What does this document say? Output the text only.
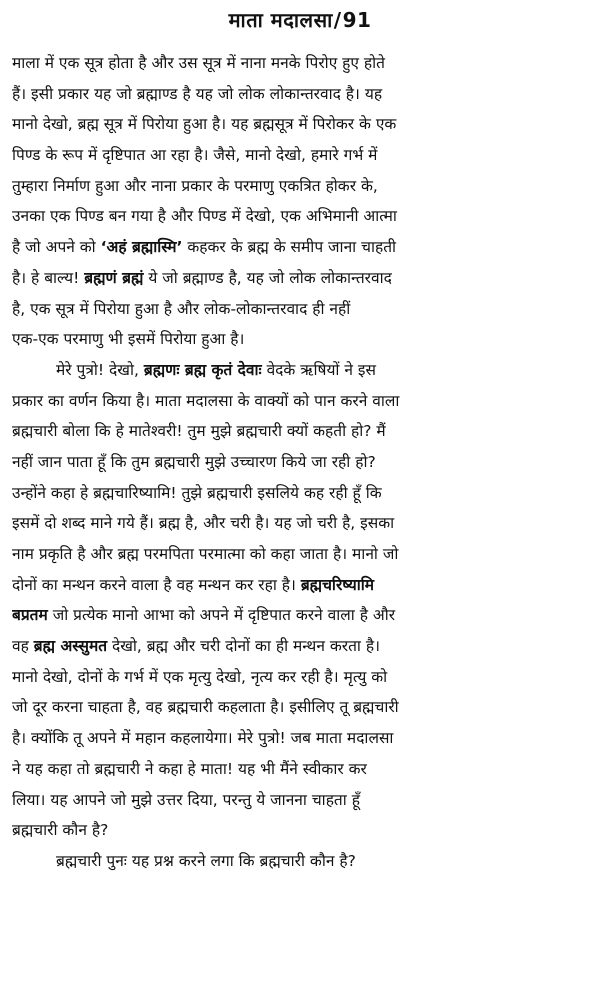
माता मदालसा/91
माला में एक सूत्र होता है और उस सूत्र में नाना मनके पिरोए हुए होते
हैं। इसी प्रकार यह जो ब्रह्माण्ड है यह जो लोक लोकान्तरवाद है। यह
मानो देखो, ब्रह्म सूत्र में पिरोया हुआ है। यह ब्रह्मसूत्र में पिरोकर के एक
पिण्ड के रूप में दृष्टिपात आ रहा है। जैसे, मानो देखो, हमारे गर्भ में
तुम्हारा निर्माण हुआ और नाना प्रकार के परमाणु एकत्रित होकर के,
उनका एक पिण्ड बन गया है और पिण्ड में देखो, एक अभिमानी आत्मा
है जो अपने को ‘अहं ब्रह्मास्मि’ कहकर के ब्रह्म के समीप जाना चाहती
है। हे बाल्य! ब्रह्मणं ब्रह्मं ये जो ब्रह्माण्ड है, यह जो लोक लोकान्तरवाद
है, एक सूत्र में पिरोया हुआ है और लोक-लोकान्तरवाद ही नहीं
एक-एक परमाणु भी इसमें पिरोया हुआ है।
मेरे पुत्रो! देखो, ब्रह्मणः ब्रह्म कृतं देवाः वेदके ऋषियों ने इस
प्रकार का वर्णन किया है। माता मदालसा के वाक्यों को पान करने वाला
ब्रह्मचारी बोला कि हे मातेश्वरी! तुम मुझे ब्रह्मचारी क्यों कहती हो? मैं
नहीं जान पाता हूँ कि तुम ब्रह्मचारी मुझे उच्चारण किये जा रही हो?
उन्होंने कहा हे ब्रह्मचारिष्यामि! तुझे ब्रह्मचारी इसलिये कह रही हूँ कि
इसमें दो शब्द माने गये हैं। ब्रह्म है, और चरी है। यह जो चरी है, इसका
नाम प्रकृति है और ब्रह्म परमपिता परमात्मा को कहा जाता है। मानो जो
दोनों का मन्थन करने वाला है वह मन्थन कर रहा है। ब्रह्मचरिष्यामि
बप्रतम जो प्रत्येक मानो आभा को अपने में दृष्टिपात करने वाला है और
वह ब्रह्म अस्सुमत देखो, ब्रह्म और चरी दोनों का ही मन्थन करता है।
मानो देखो, दोनों के गर्भ में एक मृत्यु देखो, नृत्य कर रही है। मृत्यु को
जो दूर करना चाहता है, वह ब्रह्मचारी कहलाता है। इसीलिए तू ब्रह्मचारी
है। क्योंकि तू अपने में महान कहलायेगा। मेरे पुत्रो! जब माता मदालसा
ने यह कहा तो ब्रह्मचारी ने कहा हे माता! यह भी मैंने स्वीकार कर
लिया। यह आपने जो मुझे उत्तर दिया, परन्तु ये जानना चाहता हूँ
ब्रह्मचारी कौन है?
ब्रह्मचारी पुनः यह प्रश्न करने लगा कि ब्रह्मचारी कौन है?
